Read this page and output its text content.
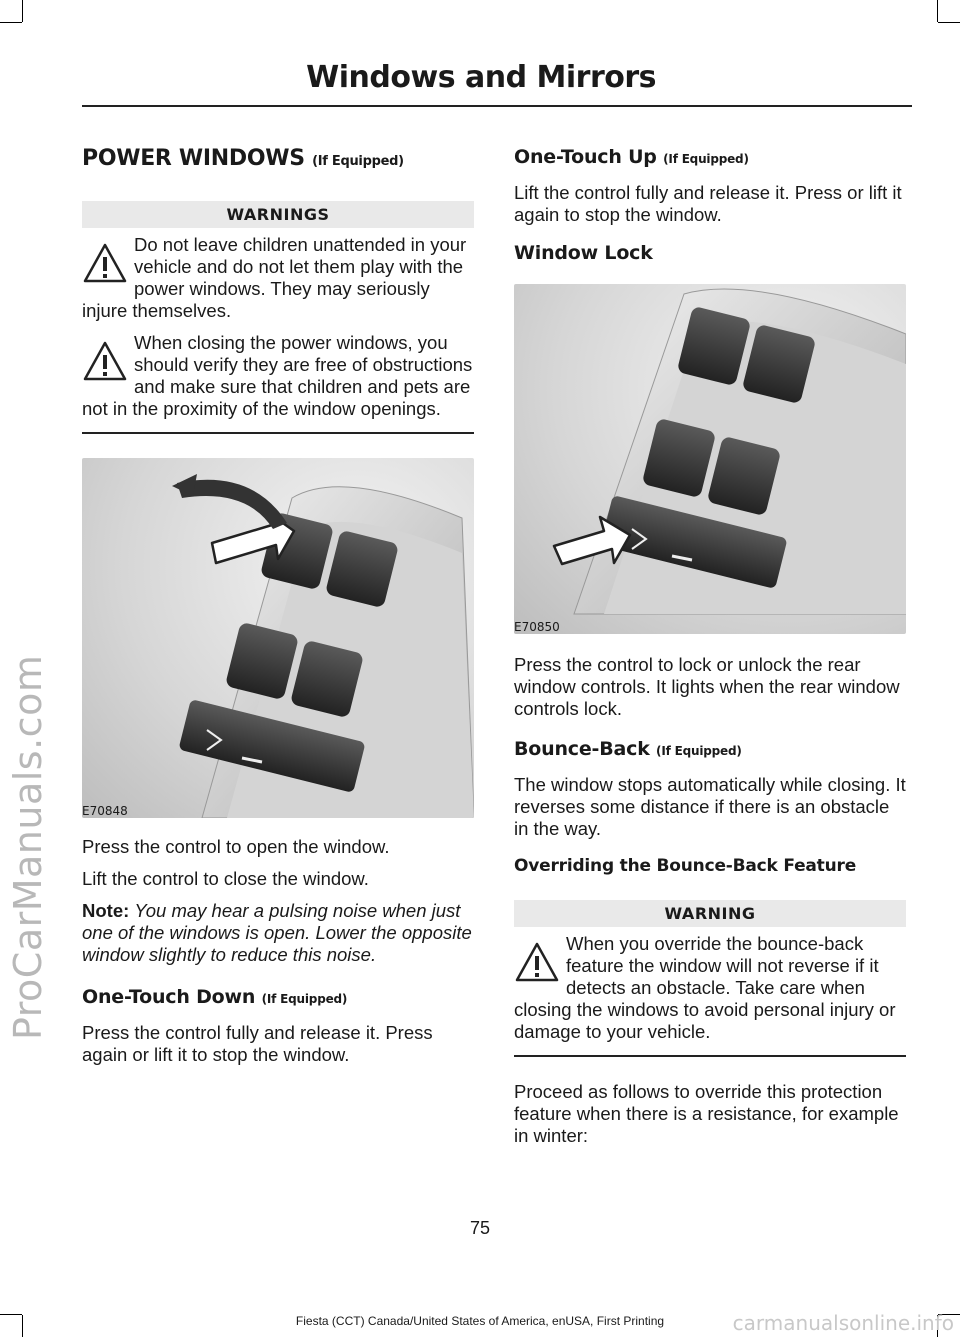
ProCarManuals.com
Windows and Mirrors
POWER WINDOWS (If Equipped)
WARNINGS
Do not leave children unattended in your vehicle and do not let them play with the power windows. They may seriously injure themselves.
When closing the power windows, you should verify they are free of obstructions and make sure that children and pets are not in the proximity of the window openings.
E70848

Press the control to open the window.

Lift the control to close the window.

Note: You may hear a pulsing noise when just one of the windows is open. Lower the opposite window slightly to reduce this noise.

One-Touch Down (If Equipped)

Press the control fully and release it. Press again or lift it to stop the window.

One-Touch Up (If Equipped)

Lift the control fully and release it. Press or lift it again to stop the window.

Window Lock
E70850

Press the control to lock or unlock the rear window controls. It lights when the rear window controls lock.

Bounce-Back (If Equipped)

The window stops automatically while closing. It reverses some distance if there is an obstacle in the way.

Overriding the Bounce-Back Feature
WARNING
When you override the bounce-back feature the window will not reverse if it detects an obstacle. Take care when closing the windows to avoid personal injury or damage to your vehicle.

Proceed as follows to override this protection feature when there is a resistance, for example in winter:

75
Fiesta (CCT) Canada/United States of America, enUSA, First Printing	carmanualsonline.info
